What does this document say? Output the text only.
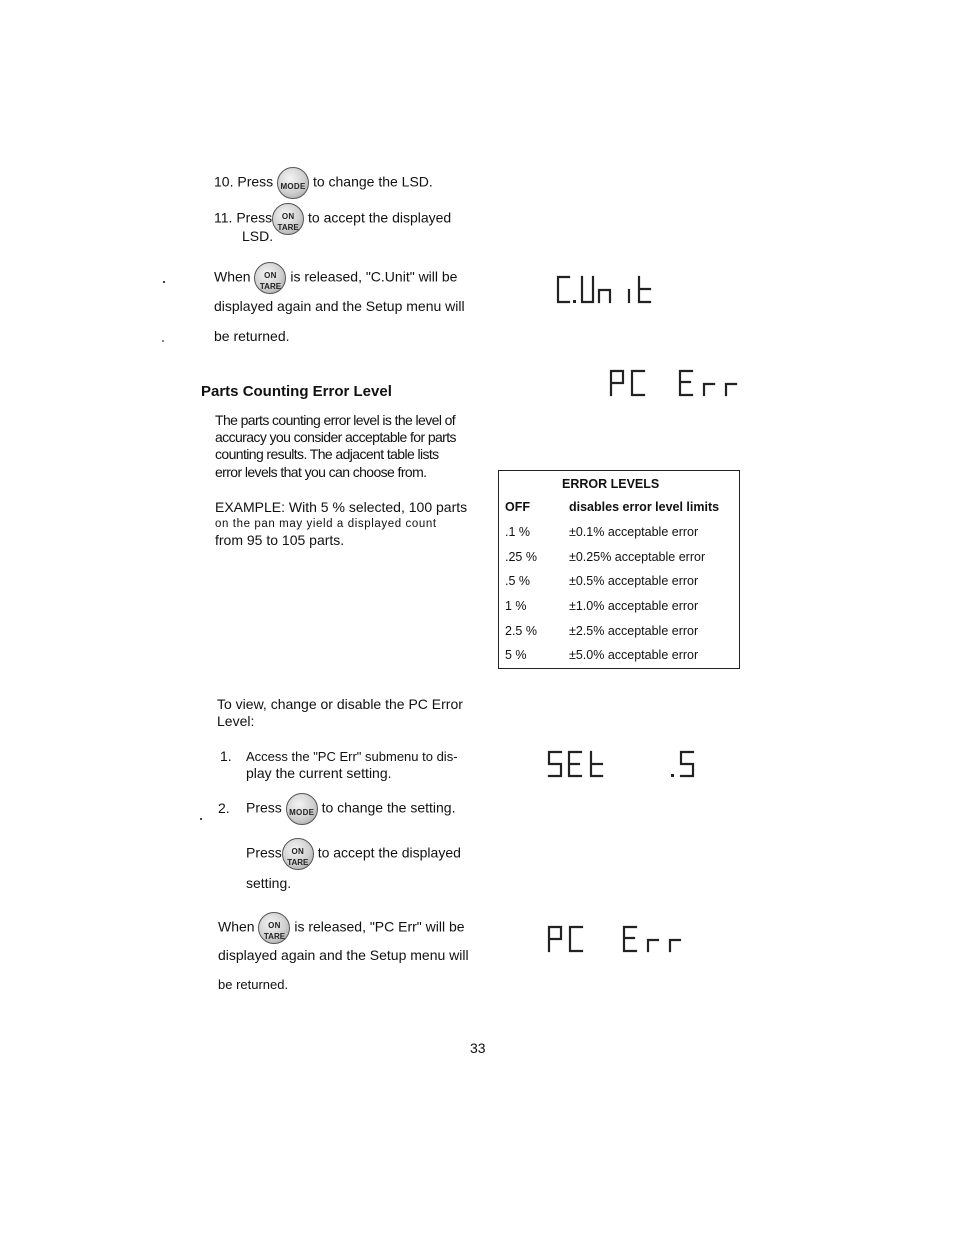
10. Press MODE to change the LSD.
11. Press	ON
TARE
to accept the displayed
LSD.
When	ON
TARE
is released, "C.Unit" will be
displayed again and the Setup menu will
be returned.
C.Unit
PC Err
Parts Counting Error Level
The parts counting error level is the level of
accuracy you consider acceptable for parts
counting results. The adjacent table lists
error levels that you can choose from.
EXAMPLE: With 5 % selected, 100 parts
on the pan may yield a displayed count
from 95 to 105 parts.
ERROR LEVELS
OFF	disables error level limits
.1 %	±0.1% acceptable error
.25 %	±0.25% acceptable error
.5 %	±0.5% acceptable error
1 %	±1.0% acceptable error
2.5 %	±2.5% acceptable error
5 %	±5.0% acceptable error
To view, change or disable the PC Error
Level:
1. Access the "PC Err" submenu to dis-
play the current setting.
2. Press MODE to change the setting.
Press	ON
TARE
to accept the displayed
setting.
When	ON
TARE
is released, "PC Err" will be
displayed again and the Setup menu will
be returned.
Set .5
PC Err
33
